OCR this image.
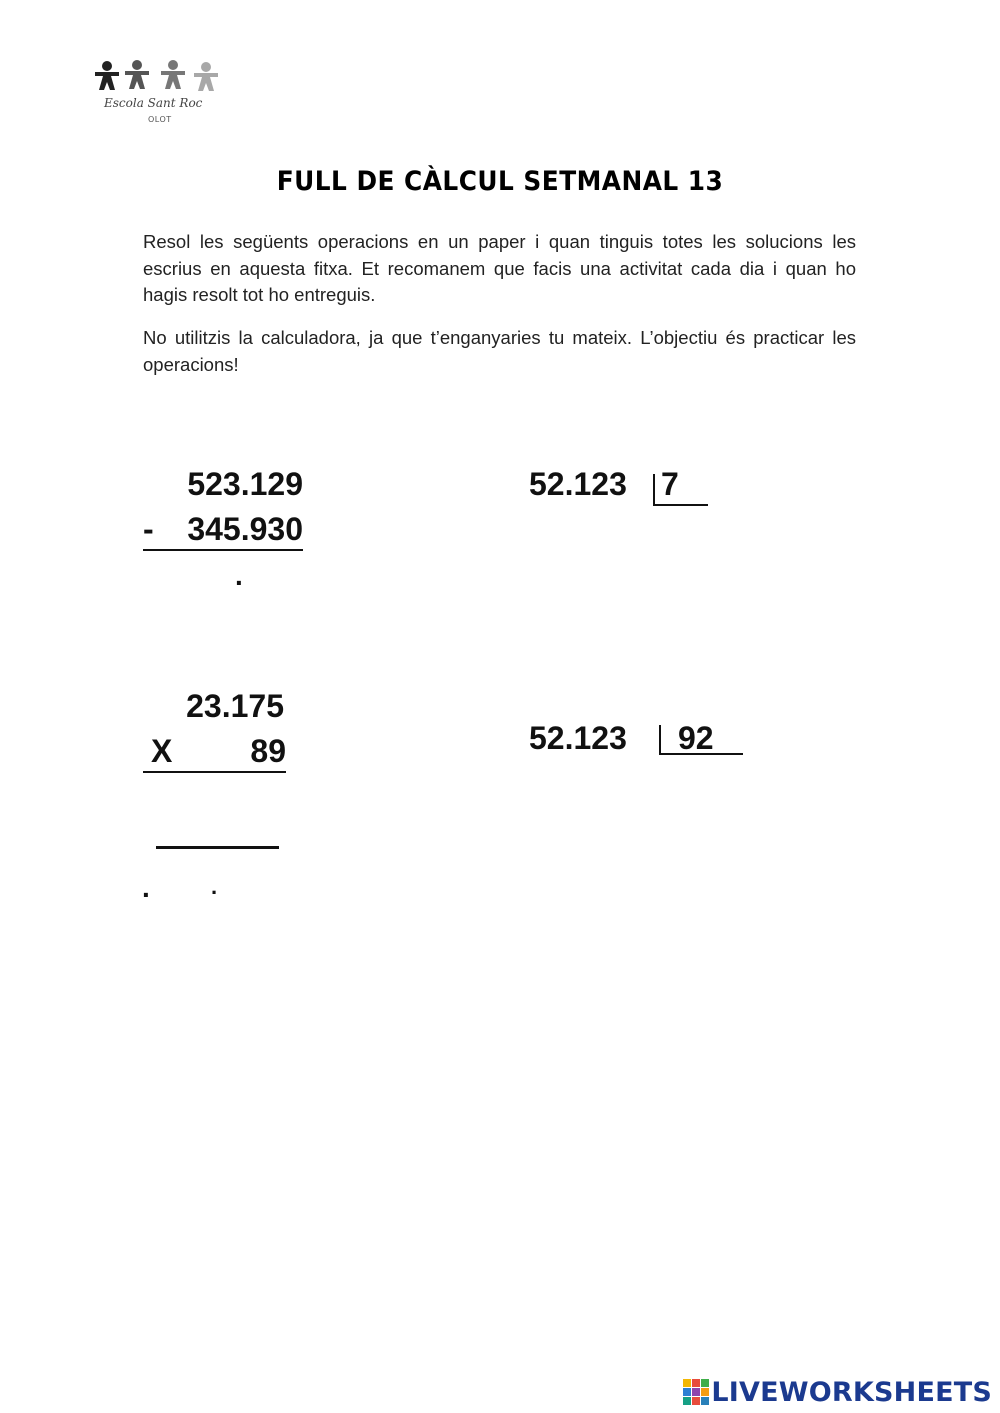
Escola Sant Roc
OLOT
FULL DE CÀLCUL SETMANAL 13
Resol les següents operacions en un paper i quan tinguis totes les solucions les escrius en aquesta fitxa. Et recomanem que facis una activitat cada dia i quan ho hagis resolt tot ho entreguis.
No utilitzis la calculadora, ja que t’enganyaries tu mateix. L’objectiu és practicar les operacions!
523.129
- 345.930
.
23.175
X 89
.	.
52.123 7
52.123 92
LIVEWORKSHEETS
